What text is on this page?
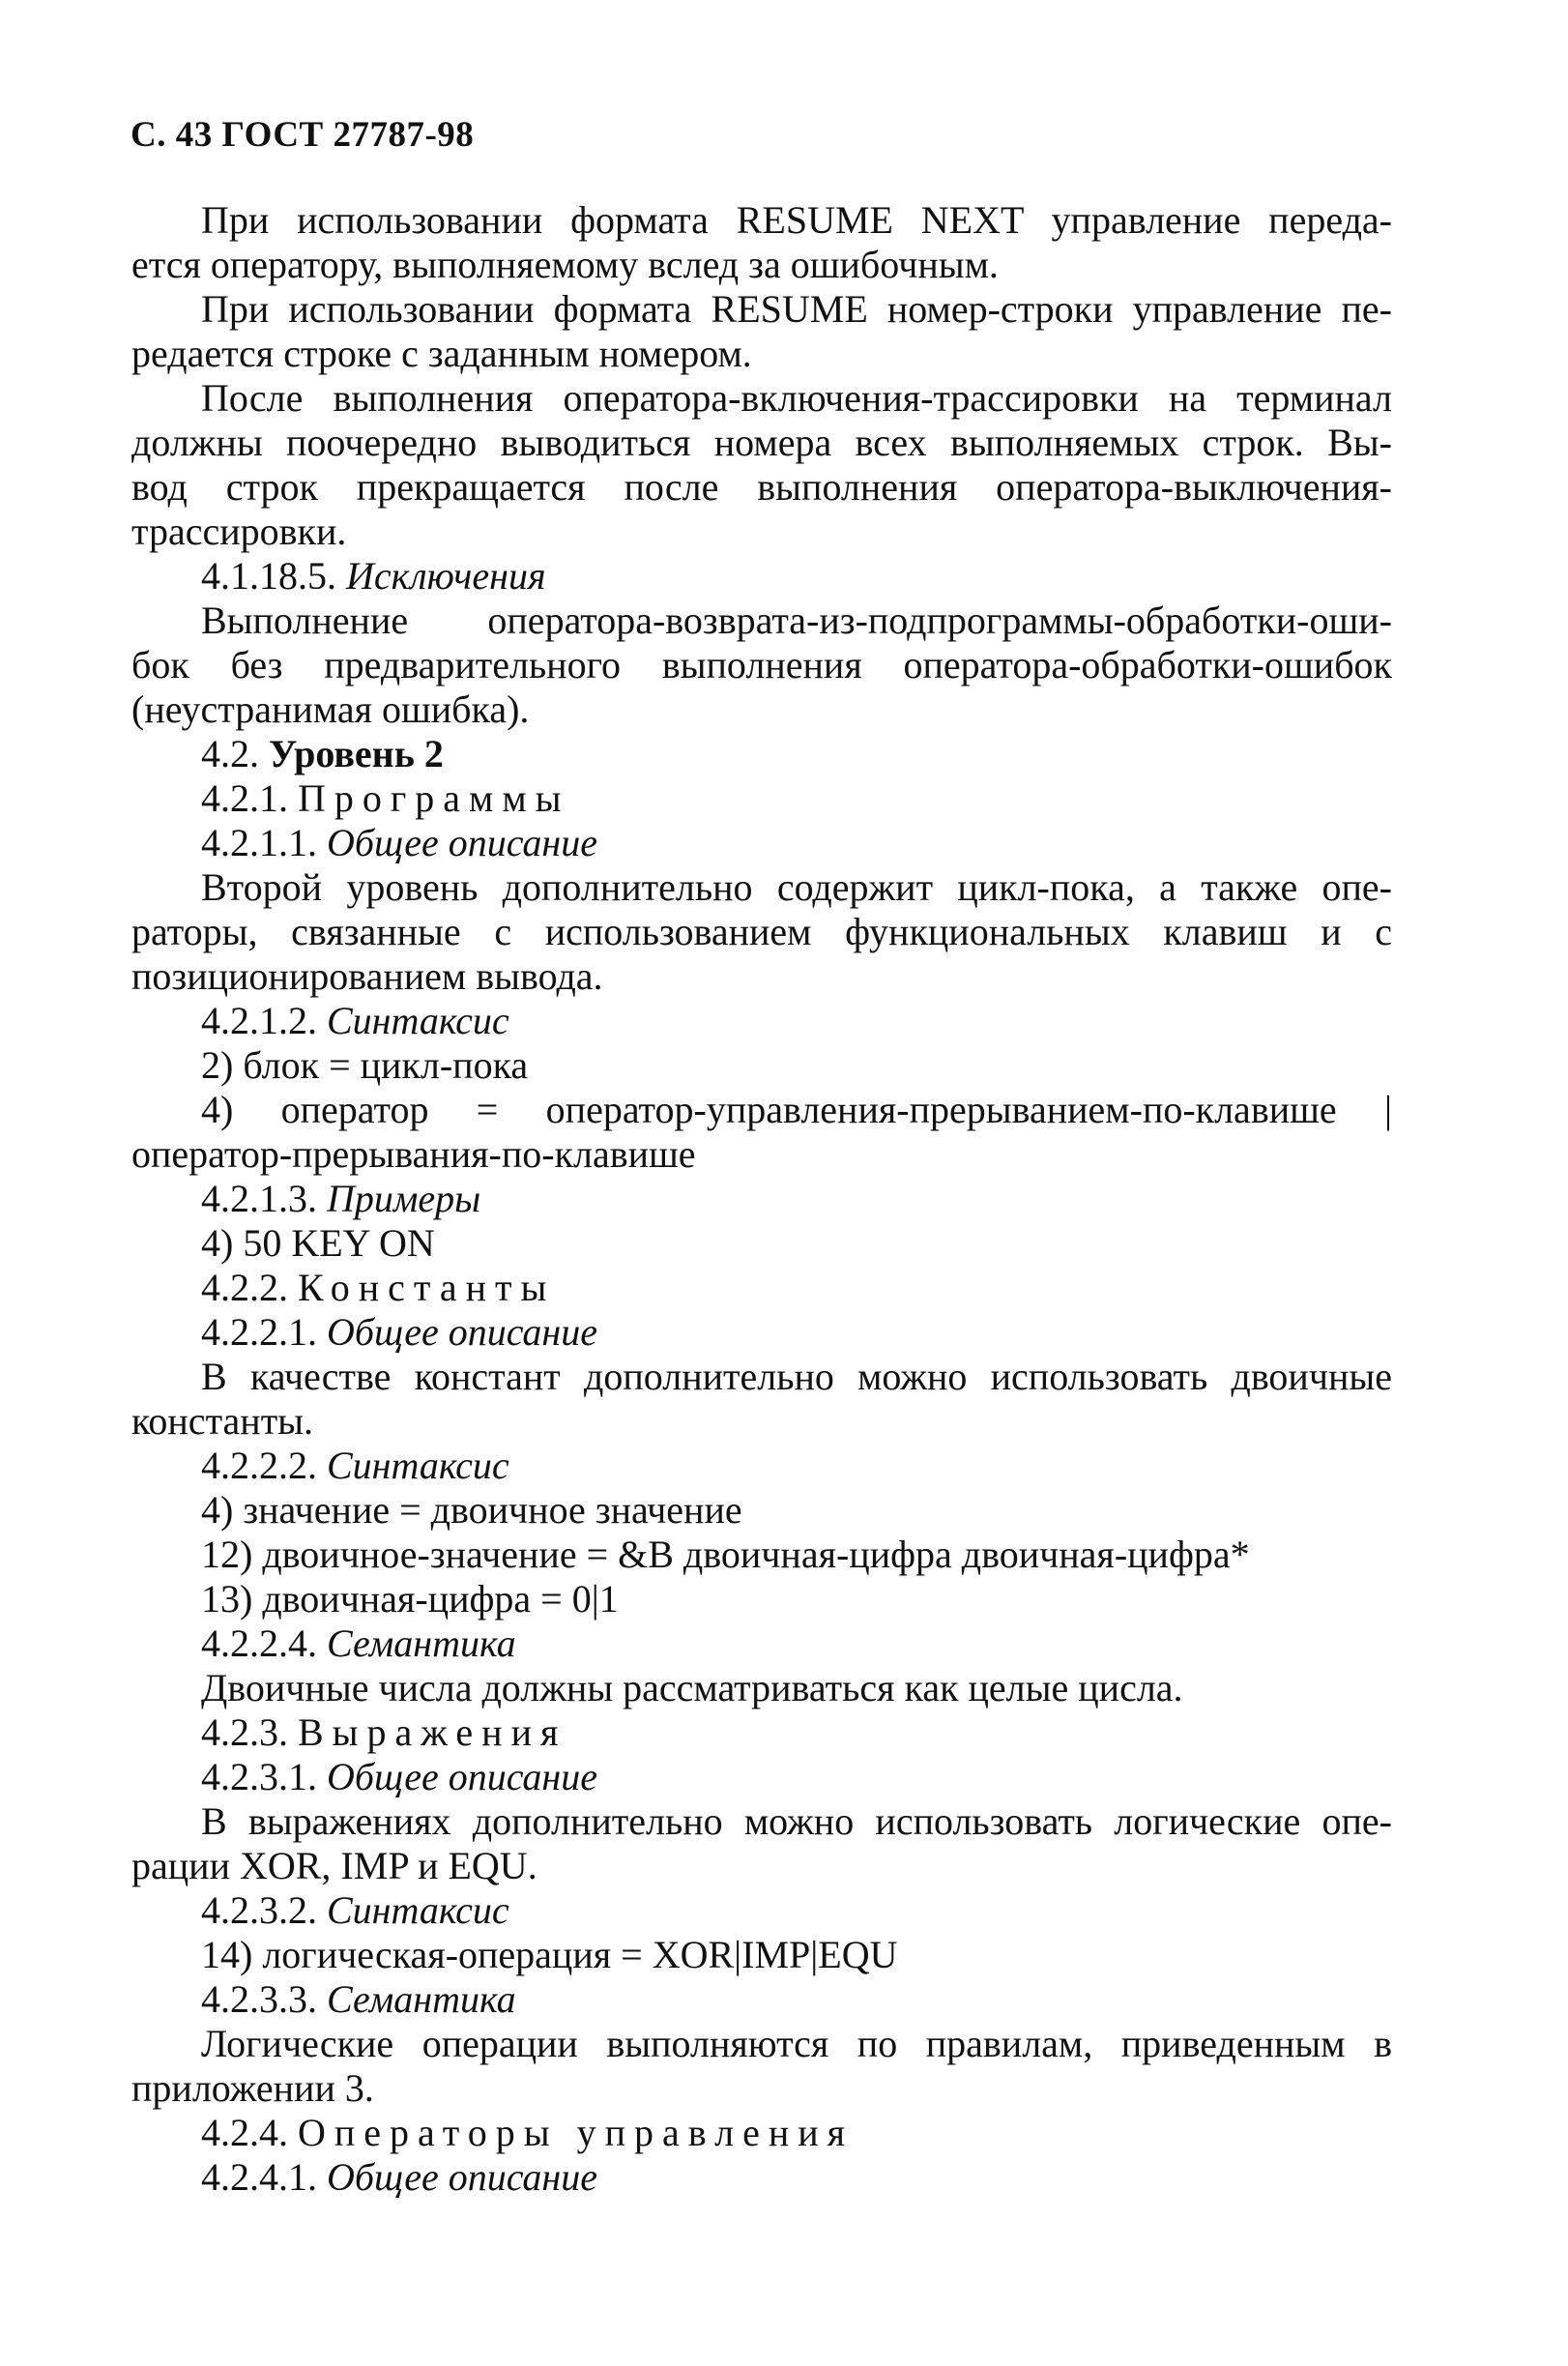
С. 43 ГОСТ 27787-98
При использовании формата RESUME NEXT управление переда-
ется оператору, выполняемому вслед за ошибочным.
При использовании формата RESUME номер-строки управление пе-
редается строке с заданным номером.
После выполнения оператора-включения-трассировки на терминал
должны поочередно выводиться номера всех выполняемых строк. Вы-
вод строк прекращается после выполнения оператора-выключения-
трассировки.
4.1.18.5. Исключения
Выполнение оператора-возврата-из-подпрограммы-обработки-оши-
бок без предварительного выполнения оператора-обработки-ошибок
(неустранимая ошибка).
4.2. Уровень 2
4.2.1. Программы
4.2.1.1. Общее описание
Второй уровень дополнительно содержит цикл-пока, а также опе-
раторы, связанные с использованием функциональных клавиш и с
позиционированием вывода.
4.2.1.2. Синтаксис
2) блок = цикл-пока
4) оператор = оператор-управления-прерыванием-по-клавише |
оператор-прерывания-по-клавише
4.2.1.3. Примеры
4) 50 KEY ON
4.2.2. Константы
4.2.2.1. Общее описание
В качестве констант дополнительно можно использовать двоичные
константы.
4.2.2.2. Синтаксис
4) значение = двоичное значение
12) двоичное-значение = &B двоичная-цифра двоичная-цифра*
13) двоичная-цифра = 0|1
4.2.2.4. Семантика
Двоичные числа должны рассматриваться как целые цисла.
4.2.3. Выражения
4.2.3.1. Общее описание
В выражениях дополнительно можно использовать логические опе-
рации XOR, IMP и EQU.
4.2.3.2. Синтаксис
14) логическая-операция = XOR|IMP|EQU
4.2.3.3. Семантика
Логические операции выполняются по правилам, приведенным в
приложении 3.
4.2.4. Операторы управления
4.2.4.1. Общее описание
